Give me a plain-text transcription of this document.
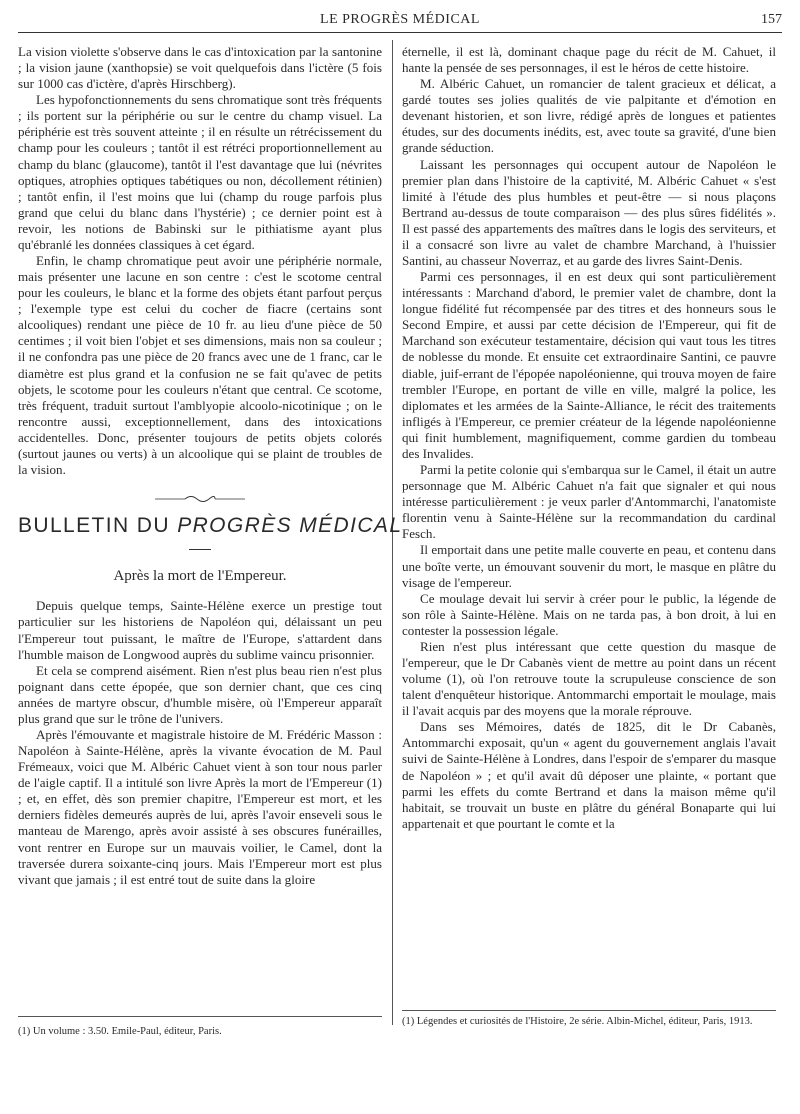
LE PROGRÈS MÉDICAL	157

La vision violette s'observe dans le cas d'intoxication par la santonine ; la vision jaune (xanthopsie) se voit quelquefois dans l'ictère (5 fois sur 1000 cas d'ictère, d'après Hirschberg).

Les hypofonctionnements du sens chromatique sont très fréquents ; ils portent sur la périphérie ou sur le centre du champ visuel. La périphérie est très souvent atteinte ; il en résulte un rétrécissement du champ pour les couleurs ; tantôt il est rétréci proportionnellement au champ du blanc (glaucome), tantôt il l'est davantage que lui (névrites optiques, atrophies optiques tabétiques ou non, décollement rétinien) ; tantôt enfin, il l'est moins que lui (champ du rouge parfois plus grand que celui du blanc dans l'hystérie) ; ce dernier point est à revoir, les notions de Babinski sur le pithiatisme ayant plus qu'ébranlé les données classiques à cet égard.

Enfin, le champ chromatique peut avoir une périphérie normale, mais présenter une lacune en son centre : c'est le scotome central pour les couleurs, le blanc et la forme des objets étant parfout perçus ; l'exemple type est celui du cocher de fiacre (certains sont alcooliques) rendant une pièce de 10 fr. au lieu d'une pièce de 50 centimes ; il voit bien l'objet et ses dimensions, mais non sa couleur ; il ne confondra pas une pièce de 20 francs avec une de 1 franc, car le diamètre est plus grand et la confusion ne se fait qu'avec de petits objets, le scotome pour les couleurs n'étant que central. Ce scotome, très fréquent, traduit surtout l'amblyopie alcoolo-nicotinique ; on le rencontre aussi, exceptionnellement, dans des intoxications accidentelles. Donc, présenter toujours de petits objets colorés (surtout jaunes ou verts) à un alcoolique qui se plaint de troubles de la vision.

BULLETIN DU PROGRÈS MÉDICAL
Après la mort de l'Empereur.

Depuis quelque temps, Sainte-Hélène exerce un prestige tout particulier sur les historiens de Napoléon qui, délaissant un peu l'Empereur tout puissant, le maître de l'Europe, s'attardent dans l'humble maison de Longwood auprès du sublime vaincu prisonnier.

Et cela se comprend aisément. Rien n'est plus beau rien n'est plus poignant dans cette épopée, que son dernier chant, que ces cinq années de martyre obscur, d'humble misère, où l'Empereur apparaît plus grand que sur le trône de l'univers.

Après l'émouvante et magistrale histoire de M. Frédéric Masson : Napoléon à Sainte-Hélène, après la vivante évocation de M. Paul Frémeaux, voici que M. Albéric Cahuet vient à son tour nous parler de l'aigle captif. Il a intitulé son livre Après la mort de l'Empereur (1) ; et, en effet, dès son premier chapitre, l'Empereur est mort, et les derniers fidèles demeurés auprès de lui, après l'avoir enseveli sous le manteau de Marengo, après avoir assisté à ses obscures funérailles, vont rentrer en Europe sur un mauvais voilier, le Camel, dont la traversée durera soixante-cinq jours. Mais l'Empereur mort est plus vivant que jamais ; il est entré tout de suite dans la gloire

éternelle, il est là, dominant chaque page du récit de M. Cahuet, il hante la pensée de ses personnages, il est le héros de cette histoire.

M. Albéric Cahuet, un romancier de talent gracieux et délicat, a gardé toutes ses jolies qualités de vie palpitante et d'émotion en devenant historien, et son livre, rédigé après de longues et patientes études, sur des documents inédits, est, avec toute sa gravité, d'une bien grande séduction.

Laissant les personnages qui occupent autour de Napoléon le premier plan dans l'histoire de la captivité, M. Albéric Cahuet « s'est limité à l'étude des plus humbles et peut-être — si nous plaçons Bertrand au-dessus de toute comparaison — des plus sûres fidélités ». Il est passé des appartements des maîtres dans le logis des serviteurs, et il a consacré son livre au valet de chambre Marchand, à l'huissier Santini, au chasseur Noverraz, et au garde des livres Saint-Denis.

Parmi ces personnages, il en est deux qui sont particulièrement intéressants : Marchand d'abord, le premier valet de chambre, dont la longue fidélité fut récompensée par des titres et des honneurs sous le Second Empire, et aussi par cette décision de l'Empereur, qui fit de Marchand son exécuteur testamentaire, décision qui vaut tous les titres de noblesse du monde. Et ensuite cet extraordinaire Santini, ce pauvre diable, juif-errant de l'épopée napoléonienne, qui trouva moyen de faire trembler l'Europe, en portant de ville en ville, malgré la police, les diplomates et les armées de la Sainte-Alliance, le récit des traitements infligés à l'Empereur, ce premier créateur de la légende napoléonienne qui finit humblement, magnifiquement, comme gardien du tombeau des Invalides.

Parmi la petite colonie qui s'embarqua sur le Camel, il était un autre personnage que M. Albéric Cahuet n'a fait que signaler et qui nous intéresse particulièrement : je veux parler d'Antommarchi, l'anatomiste florentin venu à Sainte-Hélène sur la recommandation du cardinal Fesch.

Il emportait dans une petite malle couverte en peau, et contenu dans une boîte verte, un émouvant souvenir du mort, le masque en plâtre du visage de l'empereur.

Ce moulage devait lui servir à créer pour le public, la légende de son rôle à Sainte-Hélène. Mais on ne tarda pas, à bon droit, à lui en contester la possession légale.

Rien n'est plus intéressant que cette question du masque de l'empereur, que le Dr Cabanès vient de mettre au point dans un récent volume (1), où l'on retrouve toute la scrupuleuse conscience de son talent d'enquêteur historique. Antommarchi emportait le moulage, mais il l'avait acquis par des moyens que la morale réprouve.

Dans ses Mémoires, datés de 1825, dit le Dr Cabanès, Antommarchi exposait, qu'un « agent du gouvernement anglais l'avait suivi de Sainte-Hélène à Londres, dans l'espoir de s'emparer du masque de Napoléon » ; et qu'il avait dû déposer une plainte, « portant que parmi les effets du comte Bertrand et dans la maison même qu'il habitait, se trouvait un buste en plâtre du général Bonaparte qui lui appartenait et que pourtant le comte et la

(1) Un volume : 3.50. Emile-Paul, éditeur, Paris.
(1) Légendes et curiosités de l'Histoire, 2e série. Albin-Michel, éditeur, Paris, 1913.
